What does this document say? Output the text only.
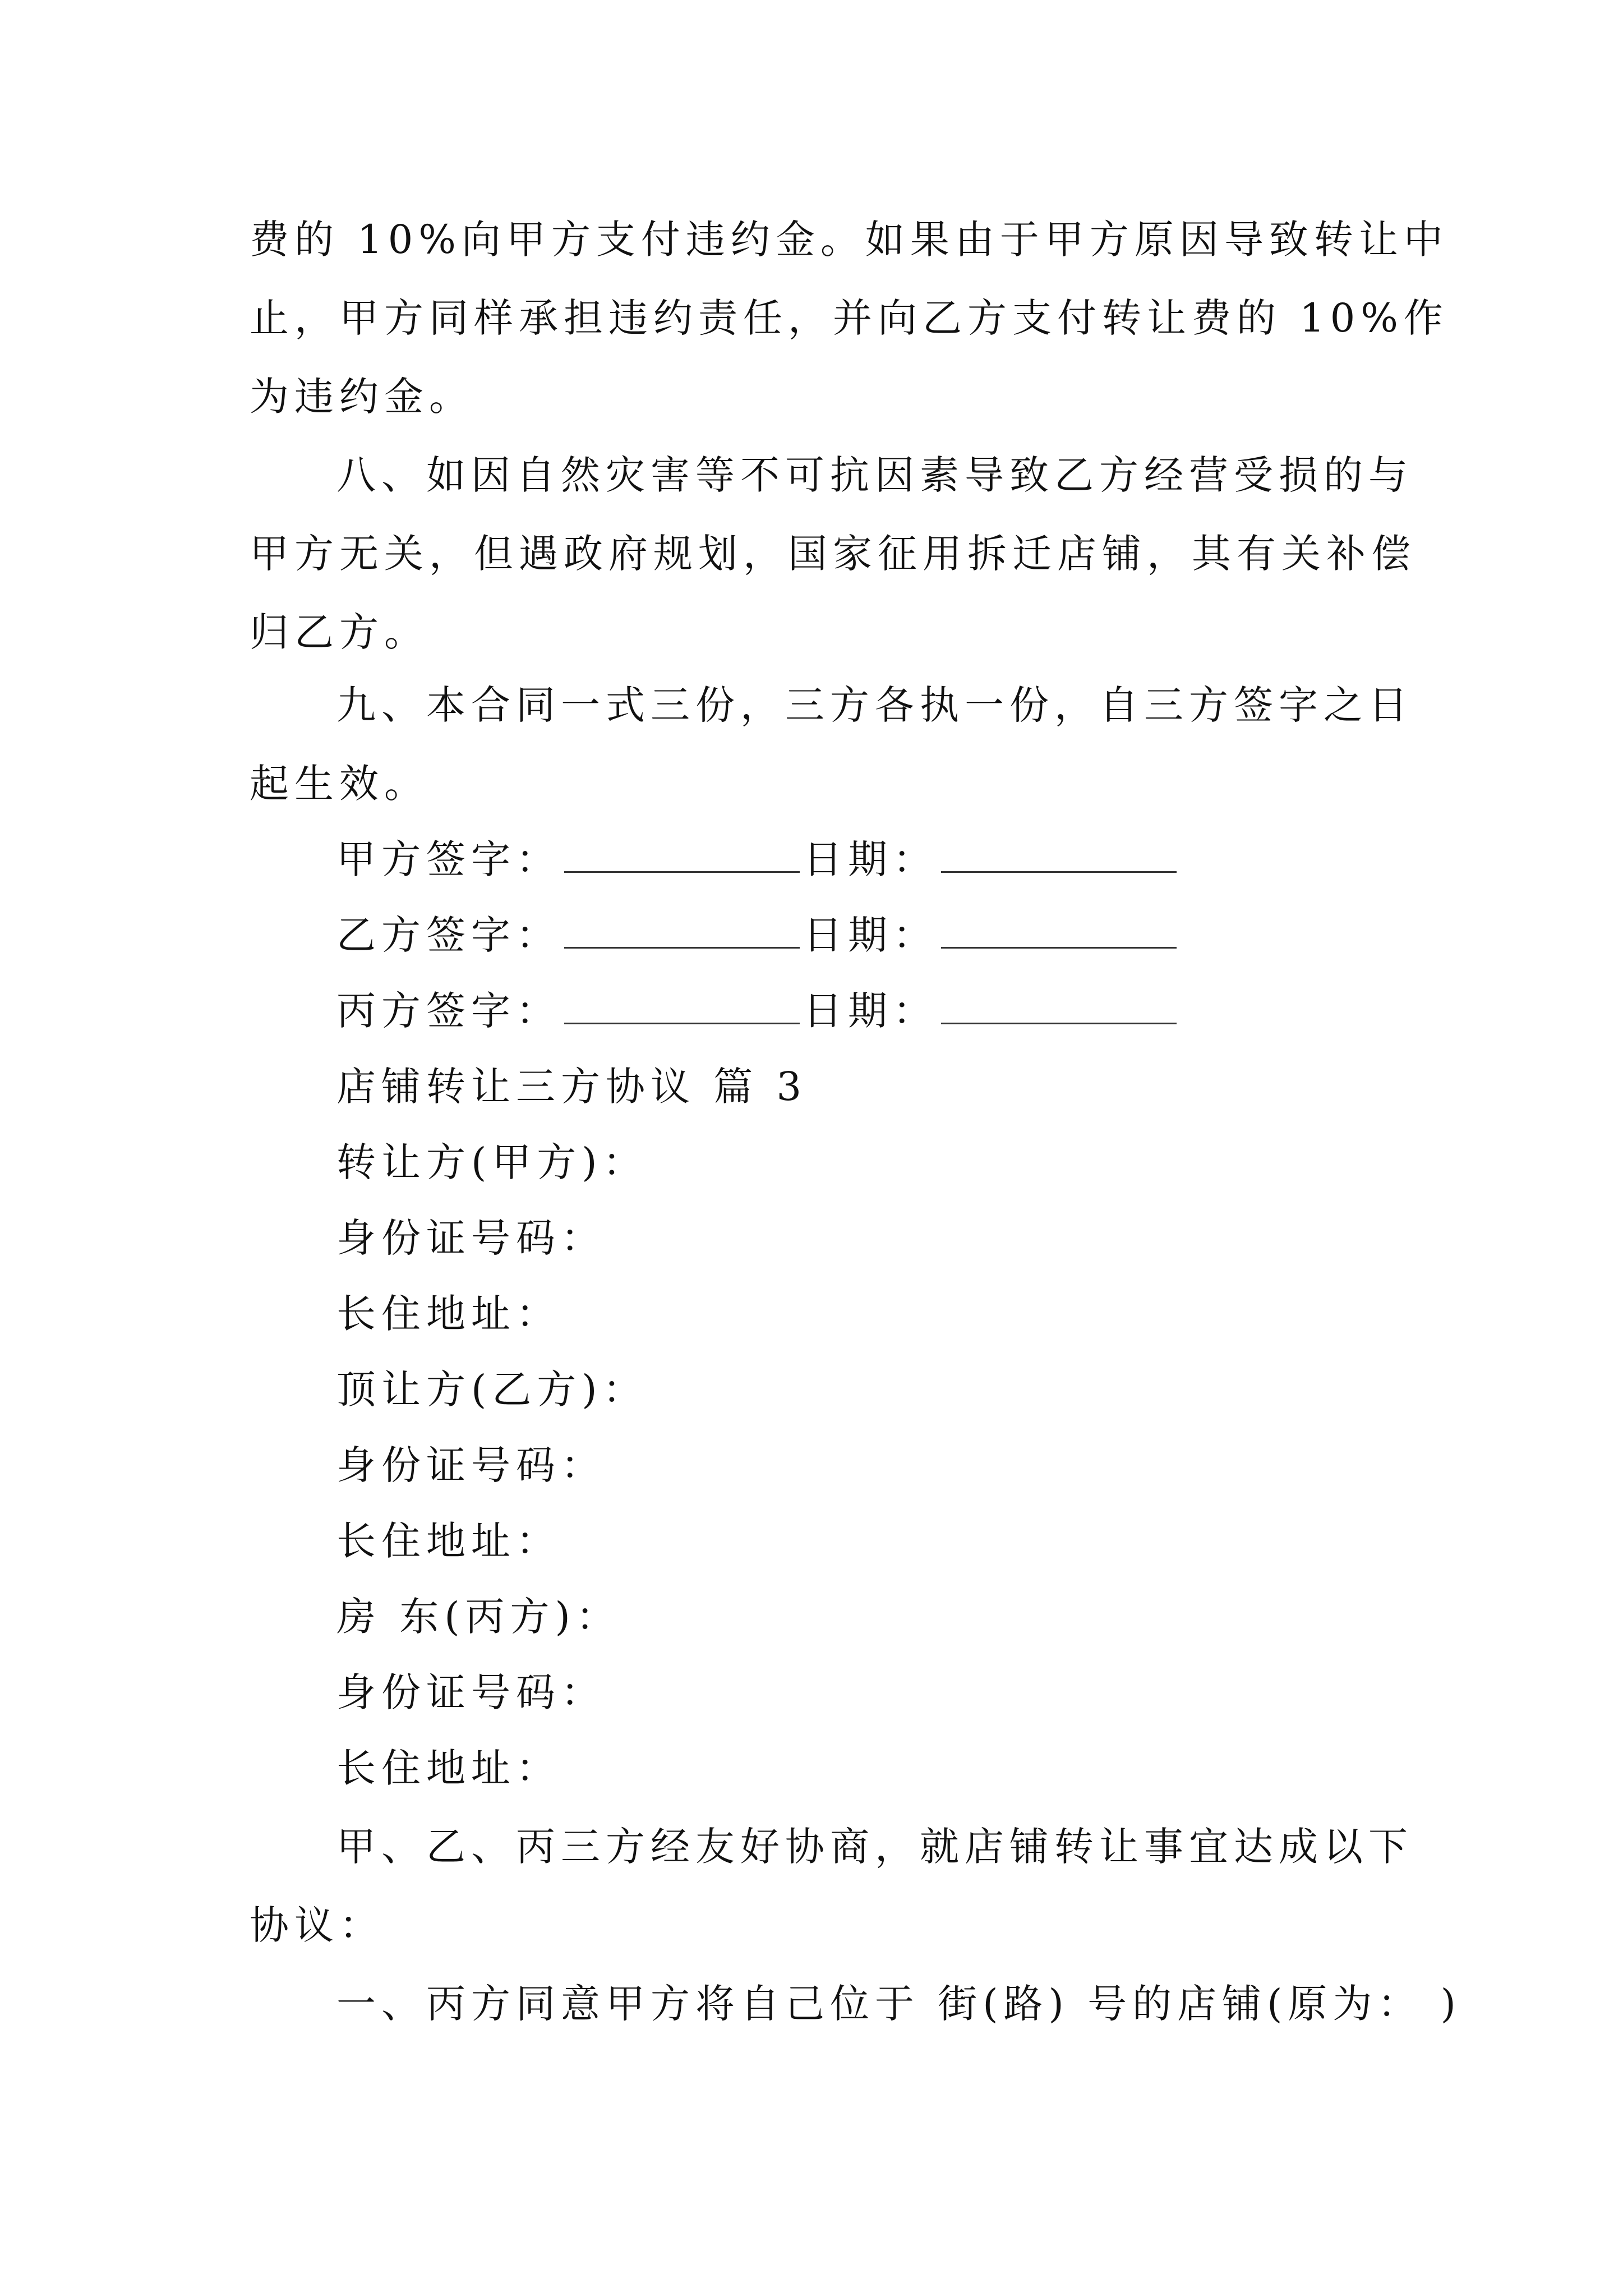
费的 10%向甲方支付违约金。如果由于甲方原因导致转让中
止，甲方同样承担违约责任，并向乙方支付转让费的 10%作
为违约金。
八、如因自然灾害等不可抗因素导致乙方经营受损的与
甲方无关，但遇政府规划，国家征用拆迁店铺，其有关补偿
归乙方。
九、本合同一式三份，三方各执一份，自三方签字之日
起生效。
甲方签字：	日期：
乙方签字：	日期：
丙方签字：	日期：
店铺转让三方协议 篇 3
转让方(甲方)：
身份证号码：
长住地址：
顶让方(乙方)：
身份证号码：
长住地址：
房 东(丙方)：
身份证号码：
长住地址：
甲、乙、丙三方经友好协商，就店铺转让事宜达成以下
协议：
一、丙方同意甲方将自己位于 街(路) 号的店铺(原为： )
